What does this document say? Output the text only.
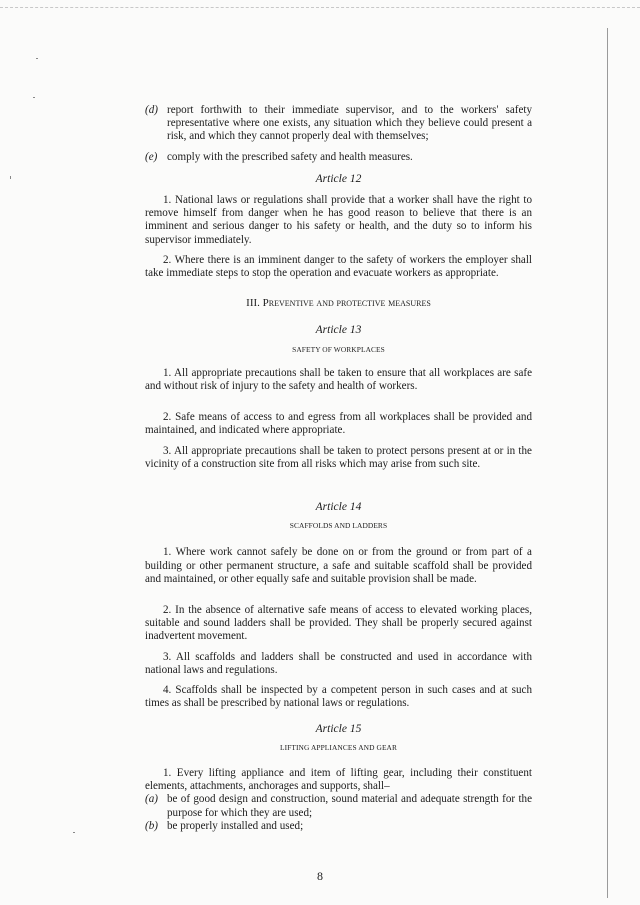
(d) report forthwith to their immediate supervisor, and to the workers' safety representative where one exists, any situation which they believe could present a risk, and which they cannot properly deal with themselves;

(e) comply with the prescribed safety and health measures.

Article 12

1. National laws or regulations shall provide that a worker shall have the right to remove himself from danger when he has good reason to believe that there is an imminent and serious danger to his safety or health, and the duty so to inform his supervisor immediately.

2. Where there is an imminent danger to the safety of workers the employer shall take immediate steps to stop the operation and evacuate workers as appropriate.

III. Preventive and protective measures
Article 13
SAFETY OF WORKPLACES

1. All appropriate precautions shall be taken to ensure that all workplaces are safe and without risk of injury to the safety and health of workers.

2. Safe means of access to and egress from all workplaces shall be provided and maintained, and indicated where appropriate.

3. All appropriate precautions shall be taken to protect persons present at or in the vicinity of a construction site from all risks which may arise from such site.

Article 14
SCAFFOLDS AND LADDERS

1. Where work cannot safely be done on or from the ground or from part of a building or other permanent structure, a safe and suitable scaffold shall be provided and maintained, or other equally safe and suitable provision shall be made.

2. In the absence of alternative safe means of access to elevated working places, suitable and sound ladders shall be provided. They shall be properly secured against inadvertent movement.

3. All scaffolds and ladders shall be constructed and used in accordance with national laws and regulations.

4. Scaffolds shall be inspected by a competent person in such cases and at such times as shall be prescribed by national laws or regulations.

Article 15
LIFTING APPLIANCES AND GEAR

1. Every lifting appliance and item of lifting gear, including their constituent elements, attachments, anchorages and supports, shall–

(a) be of good design and construction, sound material and adequate strength for the purpose for which they are used;

(b) be properly installed and used;

8
